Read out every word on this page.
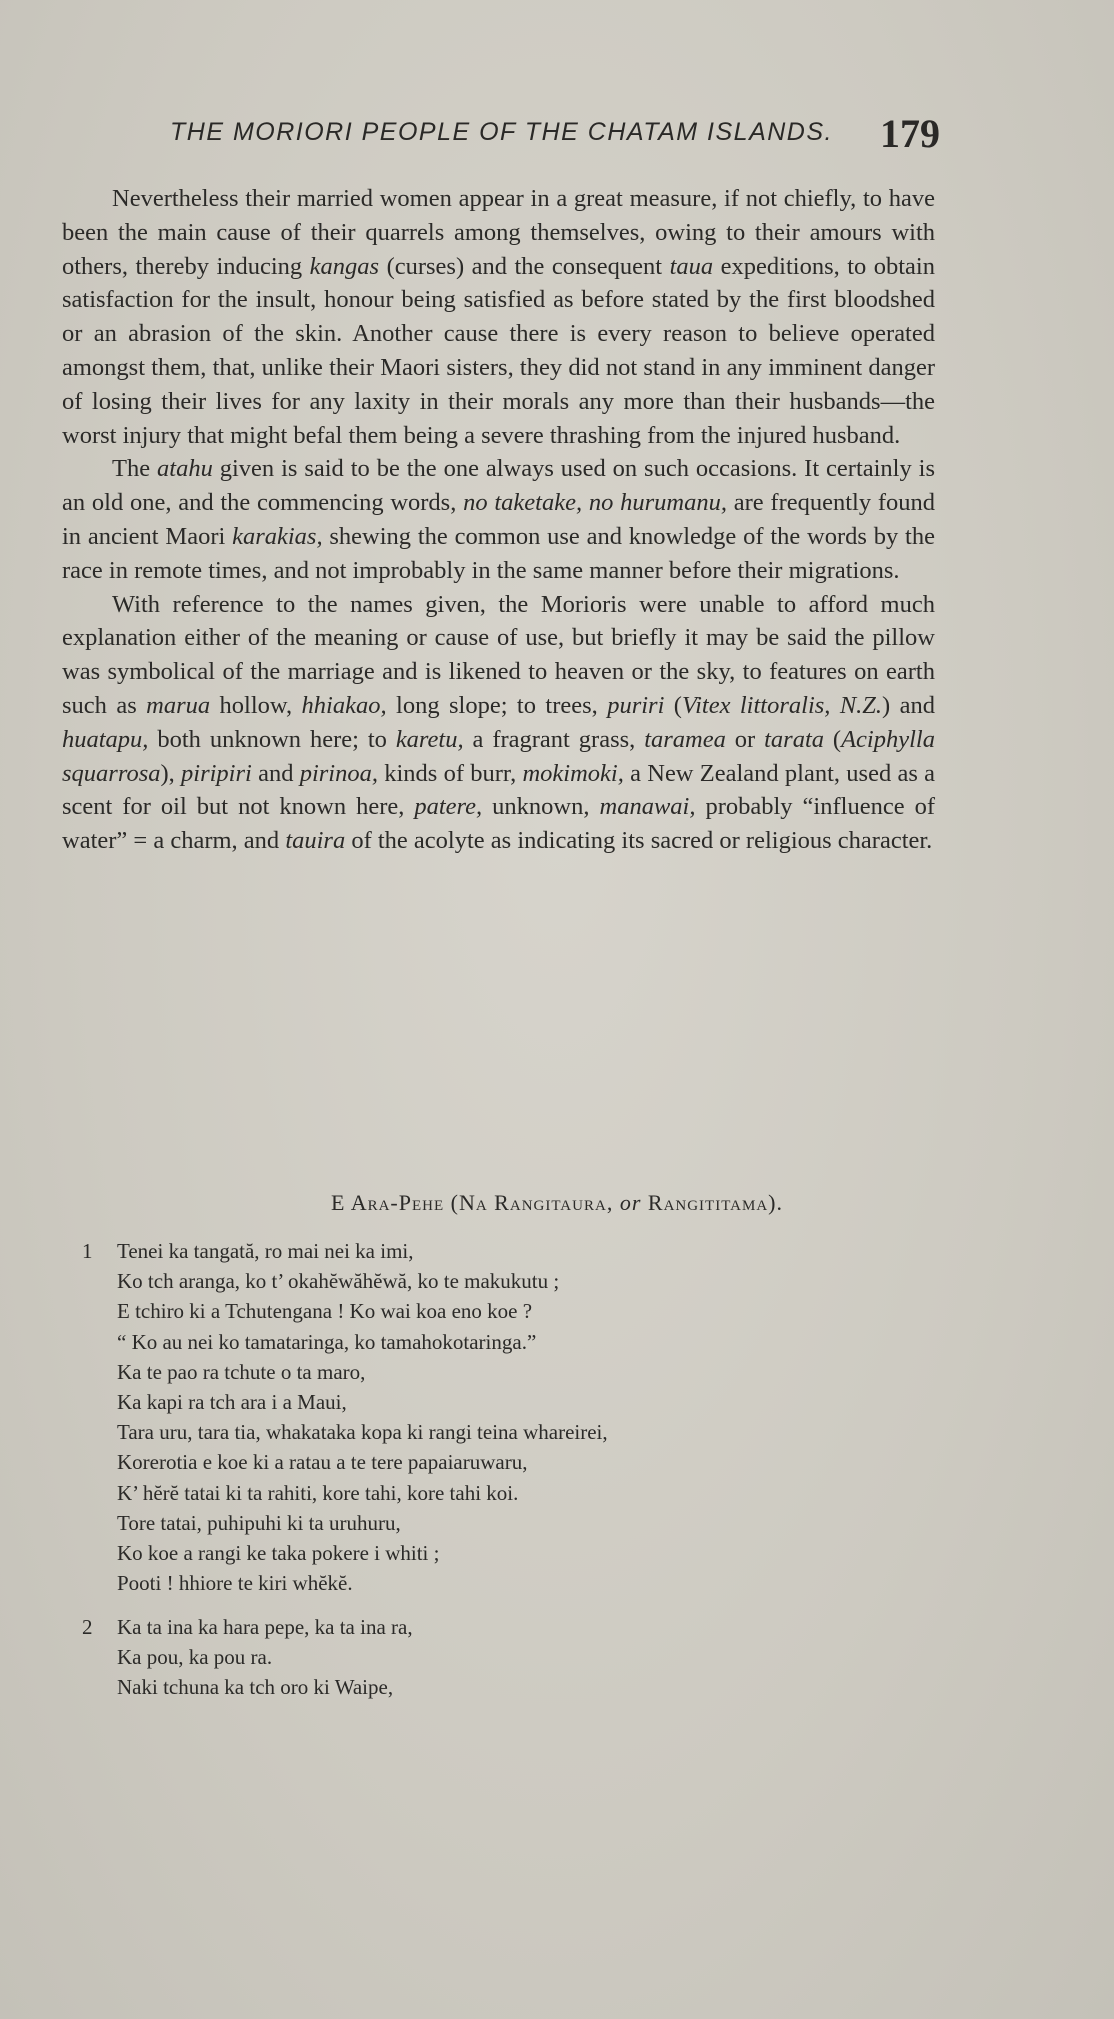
THE MORIORI PEOPLE OF THE CHATAM ISLANDS. 179

Nevertheless their married women appear in a great measure, if not chiefly, to have been the main cause of their quarrels among themselves, owing to their amours with others, thereby inducing kangas (curses) and the consequent taua expeditions, to obtain satisfaction for the insult, honour being satisfied as before stated by the first bloodshed or an abrasion of the skin. Another cause there is every reason to believe operated amongst them, that, unlike their Maori sisters, they did not stand in any imminent danger of losing their lives for any laxity in their morals any more than their husbands—the worst injury that might befal them being a severe thrashing from the injured husband.

The atahu given is said to be the one always used on such occasions. It certainly is an old one, and the commencing words, no taketake, no hurumanu, are frequently found in ancient Maori karakias, shewing the common use and knowledge of the words by the race in remote times, and not improbably in the same manner before their migrations.

With reference to the names given, the Morioris were unable to afford much explanation either of the meaning or cause of use, but briefly it may be said the pillow was symbolical of the marriage and is likened to heaven or the sky, to features on earth such as marua hollow, hhiakao, long slope; to trees, puriri (Vitex littoralis, N.Z.) and huatapu, both unknown here; to karetu, a fragrant grass, taramea or tarata (Aciphylla squarrosa), piripiri and pirinoa, kinds of burr, mokimoki, a New Zealand plant, used as a scent for oil but not known here, patere, unknown, manawai, probably “influence of water” = a charm, and tauira of the acolyte as indicating its sacred or religious character.

E Ara-Pehe (Na Rangitaura, or Rangititama).
1	Tenei ka tangată, ro mai nei ka imi,
Ko tch aranga, ko t’ okahĕwăhĕwă, ko te makukutu ;
E tchiro ki a Tchutengana ! Ko wai koa eno koe ?
“ Ko au nei ko tamataringa, ko tamahokotaringa.”
Ka te pao ra tchute o ta maro,
Ka kapi ra tch ara i a Maui,
Tara uru, tara tia, whakataka kopa ki rangi teina whareirei,
Korerotia e koe ki a ratau a te tere papaiaruwaru,
K’ hĕrĕ tatai ki ta rahiti, kore tahi, kore tahi koi.
Tore tatai, puhipuhi ki ta uruhuru,
Ko koe a rangi ke taka pokere i whiti ;
Pooti ! hhiore te kiri whĕkĕ.
2	Ka ta ina ka hara pepe, ka ta ina ra,
Ka pou, ka pou ra.
Naki tchuna ka tch oro ki Waipe,
